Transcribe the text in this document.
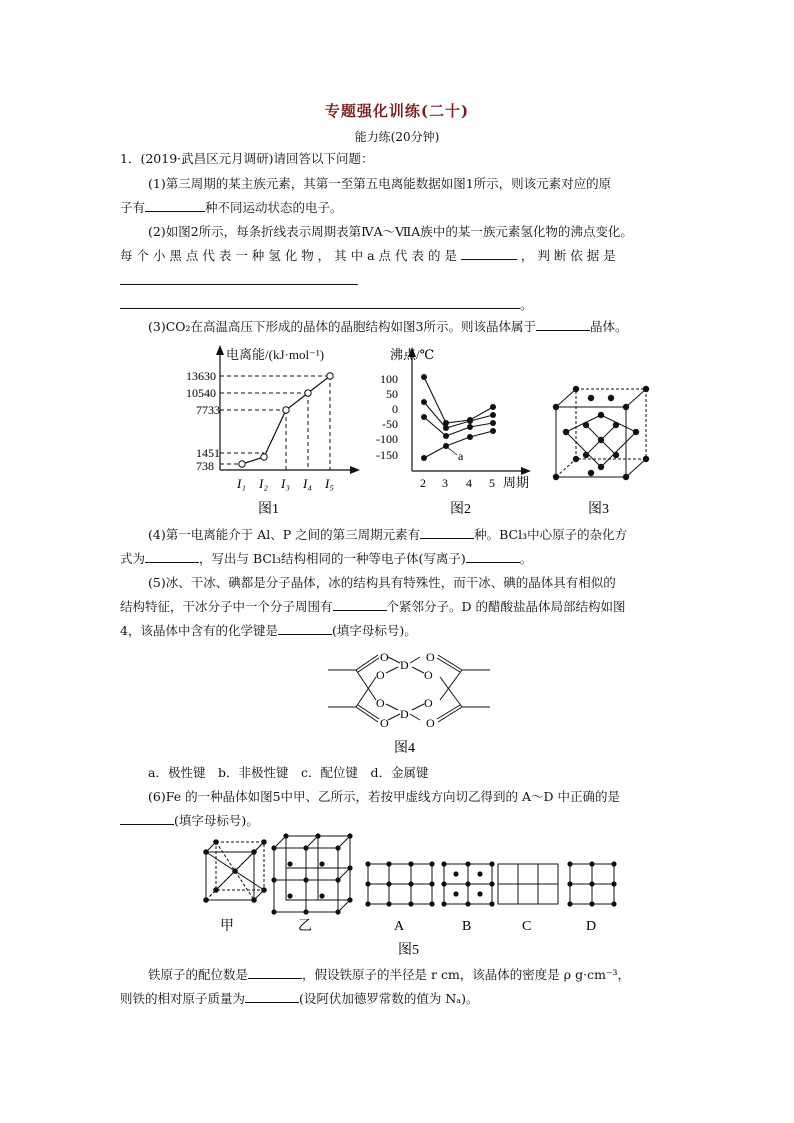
专题强化训练(二十)
能力练(20分钟)
1．(2019·武昌区元月调研)请回答以下问题：
(1)第三周期的某主族元素，其第一至第五电离能数据如图1所示，则该元素对应的原
子有	种不同运动状态的电子。
(2)如图2所示，每条折线表示周期表第ⅣA～ⅦA族中的某一族元素氢化物的沸点变化。
每 个 小 黑 点 代 表 一 种 氢 化 物 ， 其 中 a 点 代 表 的 是	， 判 断 依 据 是
。
(3)CO₂在高温高压下形成的晶体的晶胞结构如图3所示。则该晶体属于	晶体。
电离能/(kJ·mol⁻¹)
13630
10540
7733
1451
738
I₁ I₂ I₃ I₄ I₅
图1
沸点/℃
100
50
0
-50
-100
-150	a
2 3 4 5 周期
图2	图3
(4)第一电离能介于 Al、P 之间的第三周期元素有	种。BCl₃中心原子的杂化方
式为	，写出与 BCl₃结构相同的一种等电子体(写离子)	。
(5)冰、干冰、碘都是分子晶体，冰的结构具有特殊性，而干冰、碘的晶体具有相似的
结构特征，干冰分子中一个分子周围有	个紧邻分子。D 的醋酸盐晶体局部结构如图
4，该晶体中含有的化学键是	(填字母标号)。
O	O
D
O	O
O	O
D
O	O
图4
a．极性键　b．非极性键　c．配位键　d．金属键
(6)Fe 的一种晶体如图5中甲、乙所示，若按甲虚线方向切乙得到的 A～D 中正确的是
(填字母标号)。
甲	乙	A	B	C	D
图5
铁原子的配位数是	，假设铁原子的半径是 r cm，该晶体的密度是 ρ g·cm⁻³，
则铁的相对原子质量为	(设阿伏加德罗常数的值为 Nₐ)。
